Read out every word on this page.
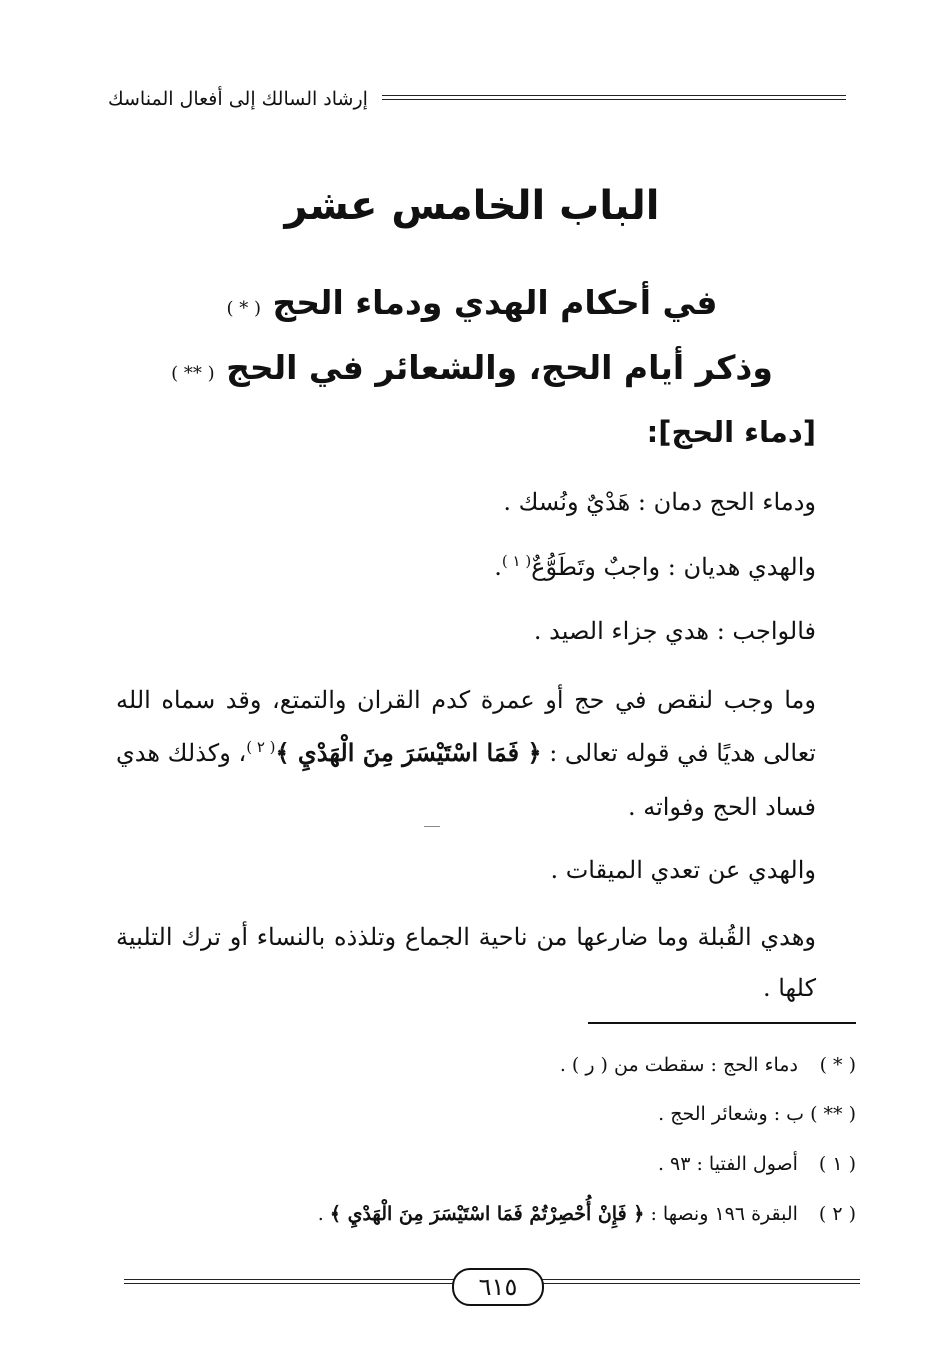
إرشاد السالك إلى أفعال المناسك
الباب الخامس عشر
في أحكام الهدي ودماء الحج ( * )
وذكر أيام الحج، والشعائر في الحج ( ** )
[دماء الحج]:
ودماء الحج دمان : هَدْيٌ ونُسك .
والهدي هديان : واجبٌ وتَطَوُّعٌ$^{( ١ )}$.
فالواجب : هدي جزاء الصيد .
وما وجب لنقص في حج أو عمرة كدم القران والتمتع، وقد سماه الله
تعالى هديًا في قوله تعالى : ﴿ فَمَا اسْتَيْسَرَ مِنَ الْهَدْيِ ﴾$^{( ٢ )}$، وكذلك هدي
فساد الحج وفواته .
والهدي عن تعدي الميقات .
وهدي القُبلة وما ضارعها من ناحية الجماع وتلذذه بالنساء أو ترك التلبية
كلها .
( * ) دماء الحج : سقطت من ( ر ) .
( ** ) ب : وشعائر الحج .
( ١ ) أصول الفتيا : ٩٣ .
( ٢ ) البقرة ١٩٦ ونصها : ﴿ فَإِنْ أُحْصِرْتُمْ فَمَا اسْتَيْسَرَ مِنَ الْهَدْيِ ﴾ .
٦١٥
